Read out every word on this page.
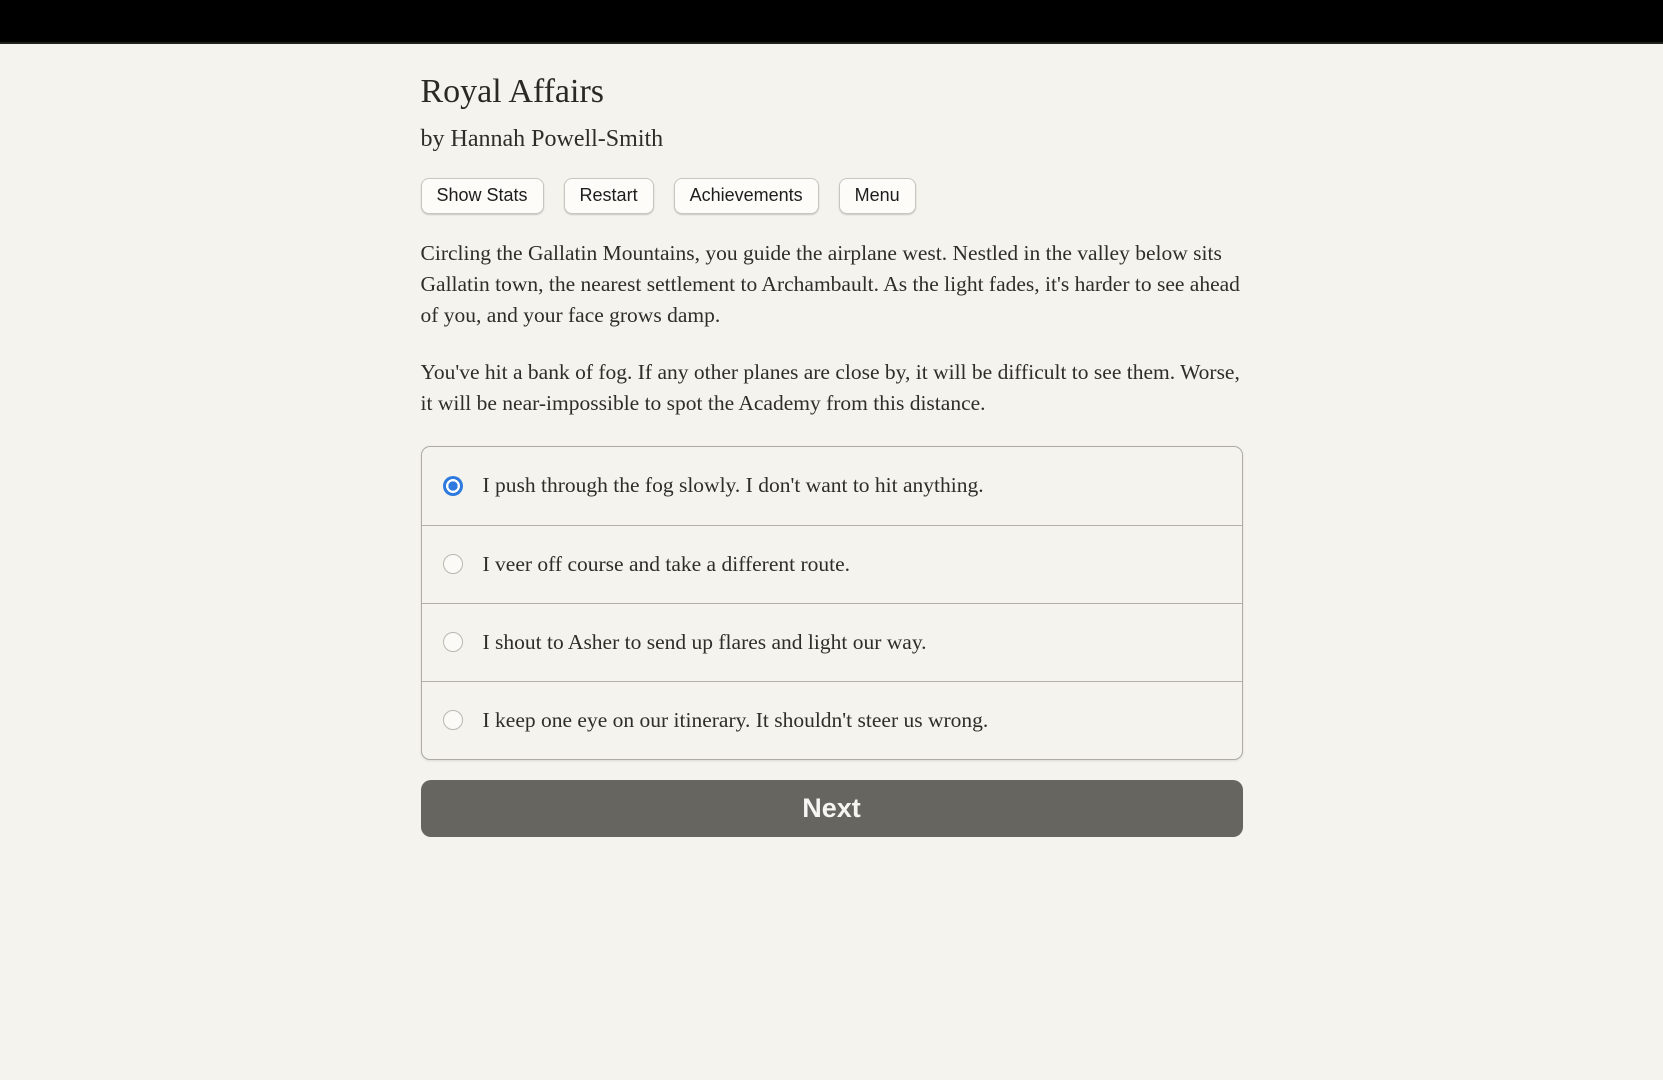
Royal Affairs
by Hannah Powell-Smith
Show Stats	Restart	Achievements	Menu

Circling the Gallatin Mountains, you guide the airplane west. Nestled in the valley below sits Gallatin town, the nearest settlement to Archambault. As the light fades, it's harder to see ahead of you, and your face grows damp.

You've hit a bank of fog. If any other planes are close by, it will be difficult to see them. Worse, it will be near-impossible to spot the Academy from this distance.

I push through the fog slowly. I don't want to hit anything.
I veer off course and take a different route.
I shout to Asher to send up flares and light our way.
I keep one eye on our itinerary. It shouldn't steer us wrong.
Next
